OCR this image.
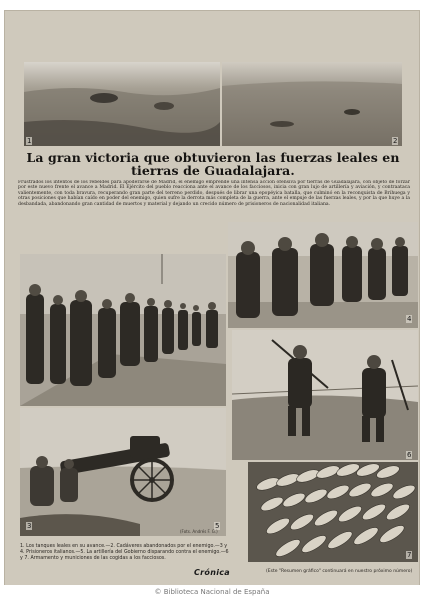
1	2
La gran victoria que obtuvieron las fuerzas leales en tierras de Guadalajara.
Frustrados los intentos de los rebeldes para apoderarse de Madrid, el enemigo emprende una intensa acción ofensiva por tierras de Guadalajara, con objeto de forzar por este nuevo frente el avance a Madrid. El Ejército del pueblo reacciona ante el avance de los facciosos, inicia con gran lujo de artillería y aviación, y contraataca valientemente, con toda bravura, recuperando gran parte del terreno perdido, después de librar una epopéyica batalla, que culminó en la reconquista de Brihuega y otras posiciones que habían caído en poder del enemigo, quien sufre la derrota más completa de la guerra, ante el empuje de las fuerzas leales, y por la que huye a la desbandada, abandonando gran cantidad de muertos y material y dejando un crecido número de prisioneros de nacionalidad italiana.
4
6
3	5
7
(Fots. Andrés F. G.)
1. Los tanques leales en su avance.—2. Cadáveres abandonados por el enemigo.—3 y 4. Prisioneros italianos.—5. La artillería del Gobierno disparando contra el enemigo.—6 y 7. Armamento y municiones de las cogidas a los facciosos.
Crónica	(Este "Resumen gráfico" continuará en nuestro próximo número)
© Biblioteca Nacional de España
